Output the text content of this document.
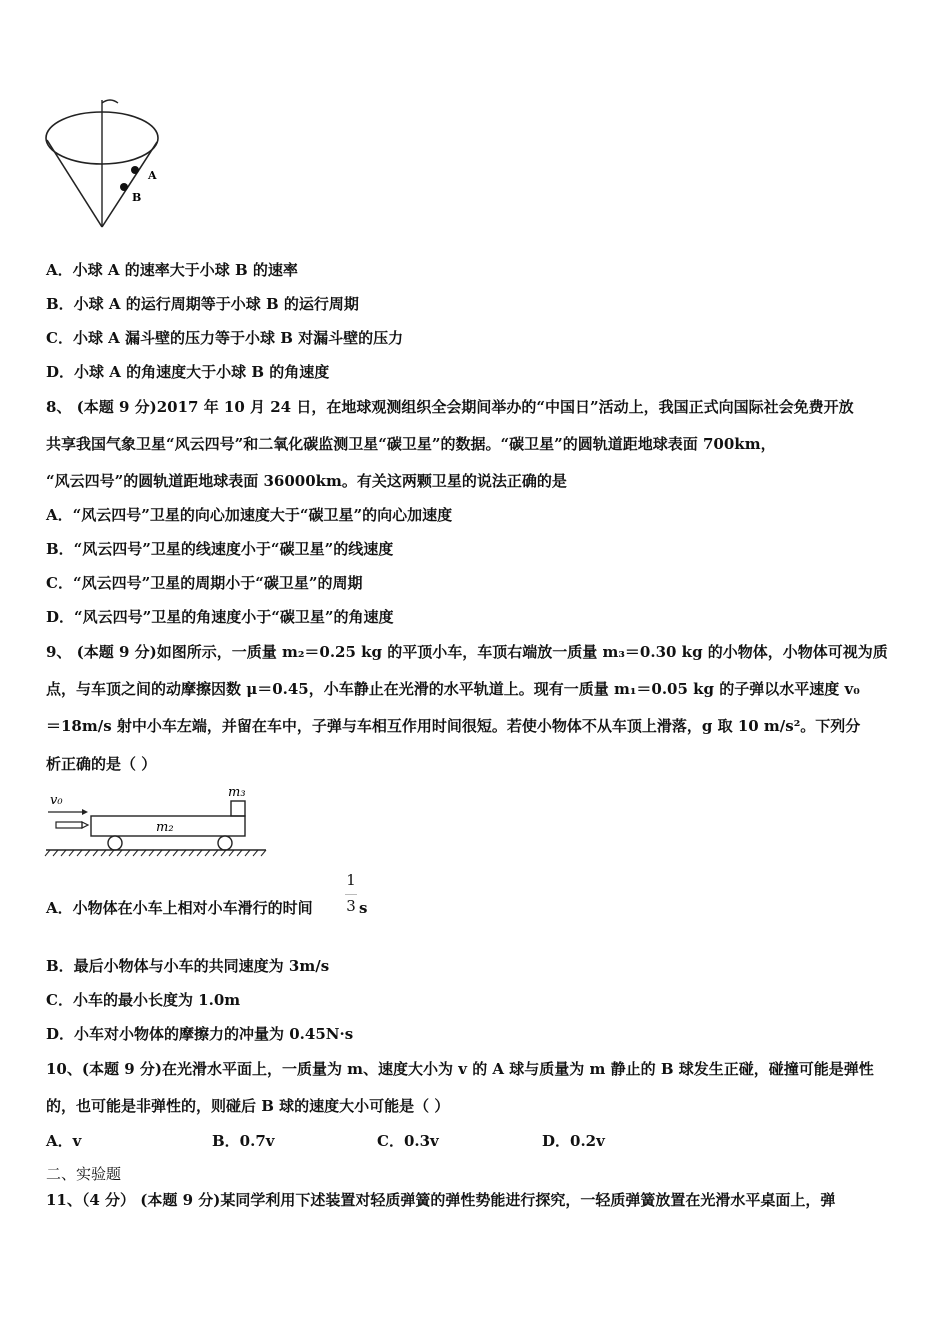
A
B
A．小球 A 的速率大于小球 B 的速率
B．小球 A 的运行周期等于小球 B 的运行周期
C．小球 A 漏斗壁的压力等于小球 B 对漏斗壁的压力
D．小球 A 的角速度大于小球 B 的角速度
8、 (本题 9 分)2017 年 10 月 24 日，在地球观测组织全会期间举办的“中国日”活动上，我国正式向国际社会免费开放
共享我国气象卫星“风云四号”和二氧化碳监测卫星“碳卫星”的数据。“碳卫星”的圆轨道距地球表面 700km，
“风云四号”的圆轨道距地球表面 36000km。有关这两颗卫星的说法正确的是
A．“风云四号”卫星的向心加速度大于“碳卫星”的向心加速度
B．“风云四号”卫星的线速度小于“碳卫星”的线速度
C．“风云四号”卫星的周期小于“碳卫星”的周期
D．“风云四号”卫星的角速度小于“碳卫星”的角速度
9、 (本题 9 分)如图所示，一质量 m₂＝0.25 kg 的平顶小车，车顶右端放一质量 m₃＝0.30 kg 的小物体，小物体可视为质
点，与车顶之间的动摩擦因数 μ＝0.45，小车静止在光滑的水平轨道上。现有一质量 m₁＝0.05 kg 的子弹以水平速度 v₀
＝18m/s 射中小车左端，并留在车中，子弹与车相互作用时间很短。若使小物体不从车顶上滑落，g 取 10 m/s²。下列分
析正确的是（ ）
v₀
m₂
m₃
A．小物体在小车上相对小车滑行的时间
1
3 s
B．最后小物体与小车的共同速度为 3m/s
C．小车的最小长度为 1.0m
D．小车对小物体的摩擦力的冲量为 0.45N·s
10、(本题 9 分)在光滑水平面上，一质量为 m、速度大小为 v 的 A 球与质量为 m 静止的 B 球发生正碰，碰撞可能是弹性
的，也可能是非弹性的，则碰后 B 球的速度大小可能是（ ）
A．v	B．0.7v	C．0.3v	D．0.2v
二、实验题
11、（4 分） (本题 9 分)某同学利用下述装置对轻质弹簧的弹性势能进行探究，一轻质弹簧放置在光滑水平桌面上，弹
